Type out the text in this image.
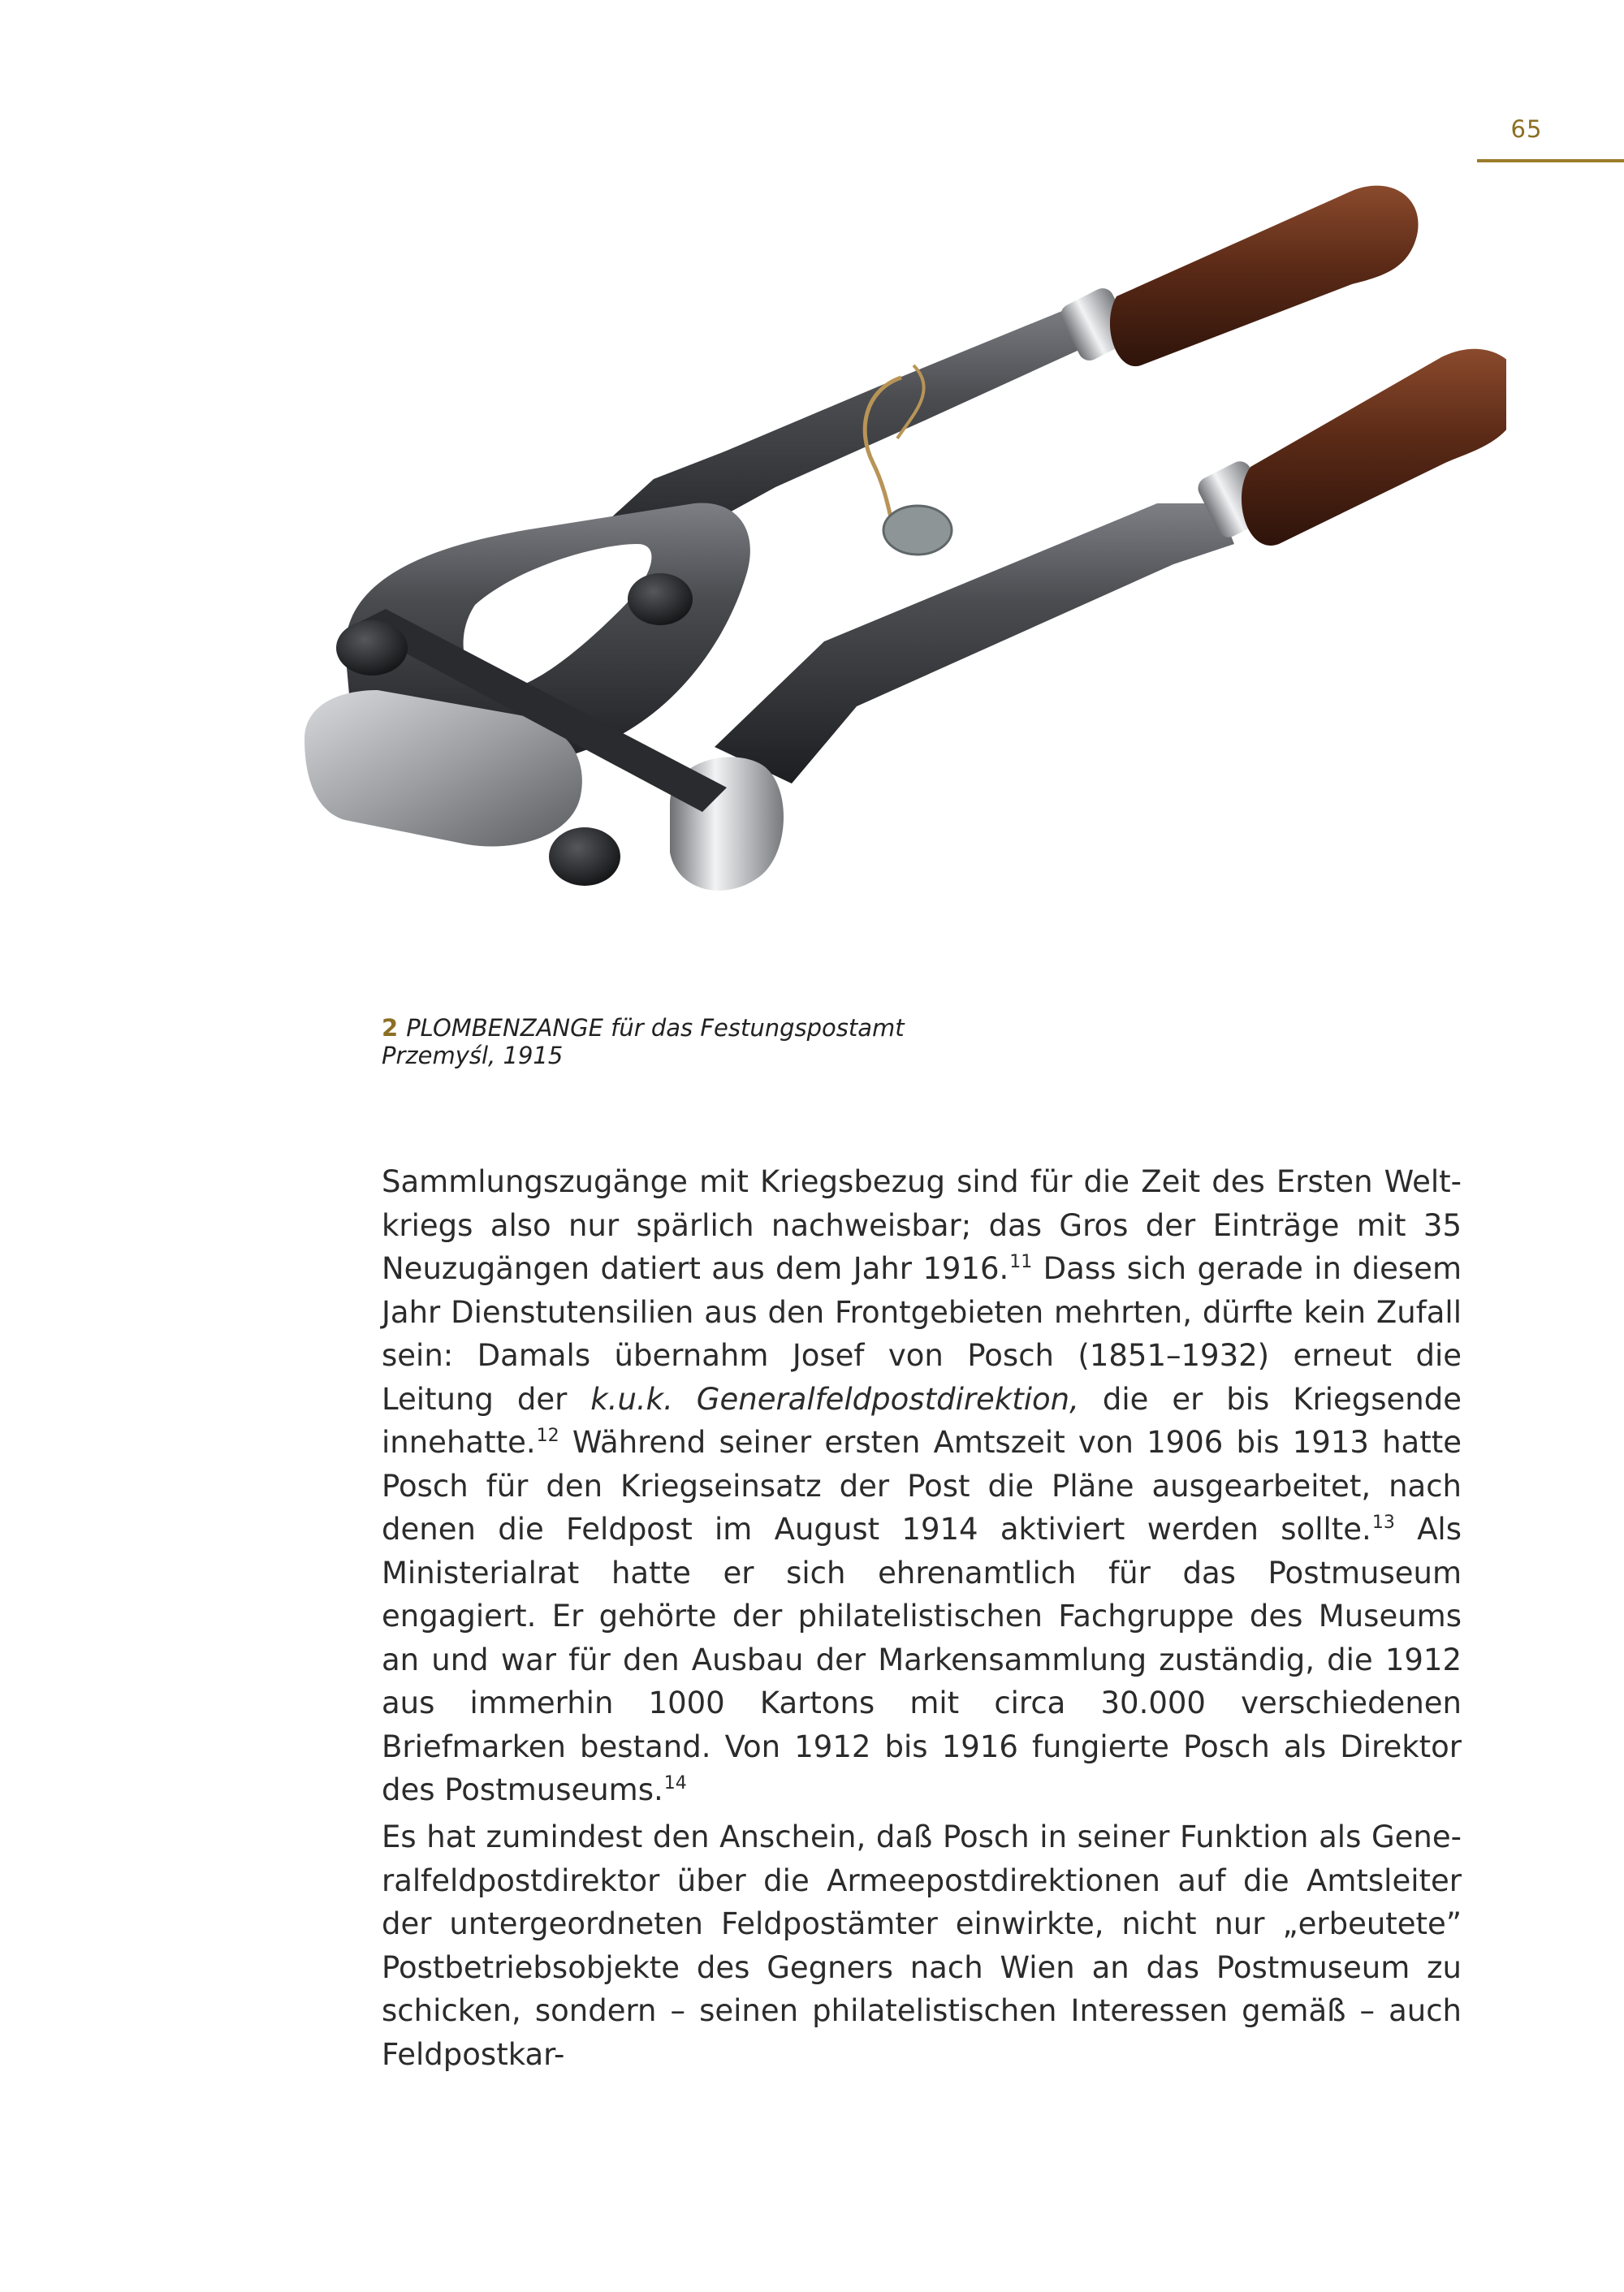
65
2 PLOMBENZANGE für das Festungspostamt
Przemyśl, 1915

Sammlungszugänge mit Kriegsbezug sind für die Zeit des Ersten Weltkriegs also nur spärlich nachweisbar; das Gros der Einträge mit 35 Neuzugängen datiert aus dem Jahr 1916.11 Dass sich gerade in diesem Jahr Dienstutensilien aus den Frontgebieten mehrten, dürfte kein Zufall sein: Damals übernahm Josef von Posch (1851–1932) erneut die Leitung der k.u.k. Generalfeldpostdirektion, die er bis Kriegsende innehatte.$^{12}$ Während seiner ersten Amtszeit von 1906 bis 1913 hatte Posch für den Kriegseinsatz der Post die Pläne ausgearbeitet, nach denen die Feldpost im August 1914 aktiviert werden sollte.$^{13}$ Als Ministerialrat hatte er sich ehrenamtlich für das Postmuseum engagiert. Er gehörte der philatelistischen Fachgruppe des Museums an und war für den Ausbau der Markensammlung zuständig, die 1912 aus immerhin 1000 Kartons mit circa 30.000 verschiedenen Briefmarken bestand. Von 1912 bis 1916 fungierte Posch als Direktor des Postmuseums.$^{14}$

Es hat zumindest den Anschein, daß Posch in seiner Funktion als Generalfeldpostdirektor über die Armeepostdirektionen auf die Amtsleiter der untergeordneten Feldpostämter einwirkte, nicht nur „erbeutete” Postbetriebsobjekte des Gegners nach Wien an das Postmuseum zu schicken, sondern – seinen philatelistischen Interessen gemäß – auch Feldpostkar-
